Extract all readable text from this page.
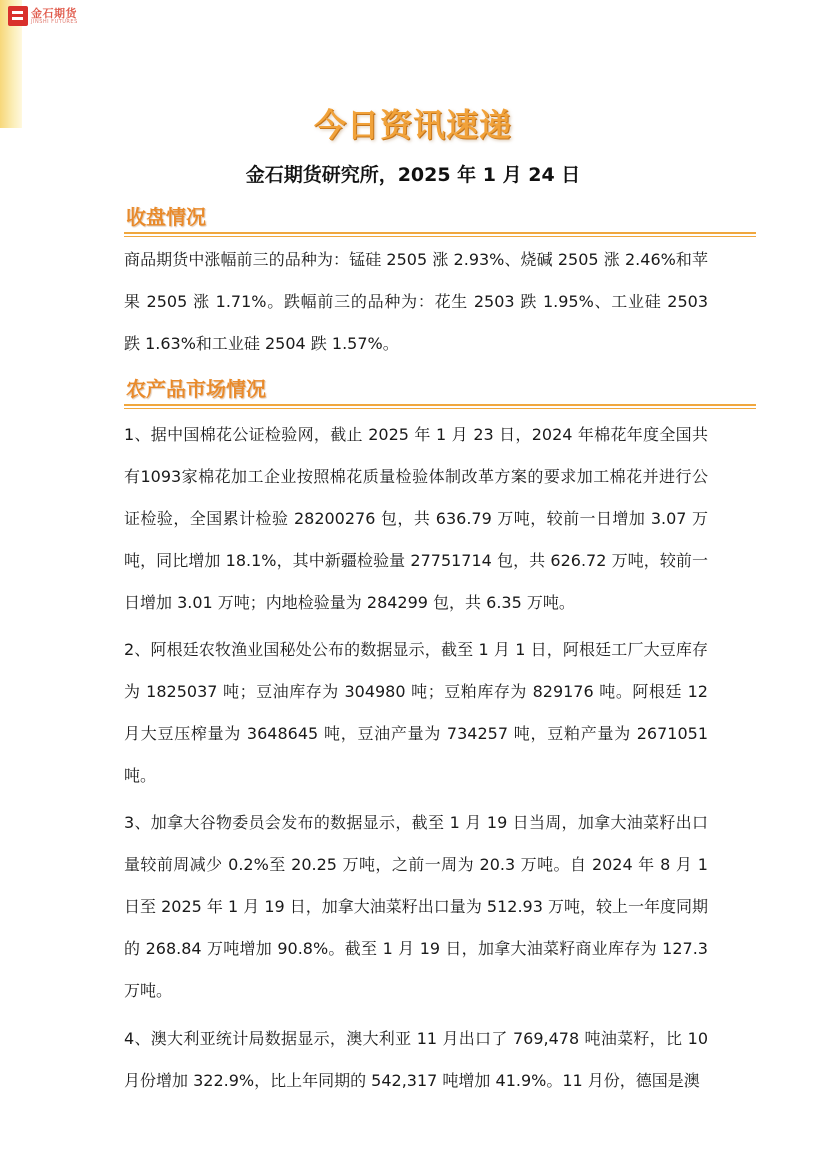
金石期货
JINSHI FUTURES
今日资讯速递
金石期货研究所，2025 年 1 月 24 日
收盘情况

商品期货中涨幅前三的品种为：锰硅 2505 涨 2.93%、烧碱 2505 涨 2.46%和苹果 2505 涨 1.71%。跌幅前三的品种为：花生 2503 跌 1.95%、工业硅 2503 跌 1.63%和工业硅 2504 跌 1.57%。

农产品市场情况

1、据中国棉花公证检验网，截止 2025 年 1 月 23 日，2024 年棉花年度全国共有1093家棉花加工企业按照棉花质量检验体制改革方案的要求加工棉花并进行公证检验，全国累计检验 28200276 包，共 636.79 万吨，较前一日增加 3.07 万吨，同比增加 18.1%，其中新疆检验量 27751714 包，共 626.72 万吨，较前一日增加 3.01 万吨；内地检验量为 284299 包，共 6.35 万吨。

2、阿根廷农牧渔业国秘处公布的数据显示，截至 1 月 1 日，阿根廷工厂大豆库存为 1825037 吨；豆油库存为 304980 吨；豆粕库存为 829176 吨。阿根廷 12 月大豆压榨量为 3648645 吨，豆油产量为 734257 吨，豆粕产量为 2671051 吨。

3、加拿大谷物委员会发布的数据显示，截至 1 月 19 日当周，加拿大油菜籽出口量较前周减少 0.2%至 20.25 万吨，之前一周为 20.3 万吨。自 2024 年 8 月 1 日至 2025 年 1 月 19 日，加拿大油菜籽出口量为 512.93 万吨，较上一年度同期的 268.84 万吨增加 90.8%。截至 1 月 19 日，加拿大油菜籽商业库存为 127.3 万吨。

4、澳大利亚统计局数据显示，澳大利亚 11 月出口了 769,478 吨油菜籽，比 10 月份增加 322.9%，比上年同期的 542,317 吨增加 41.9%。11 月份，德国是澳
